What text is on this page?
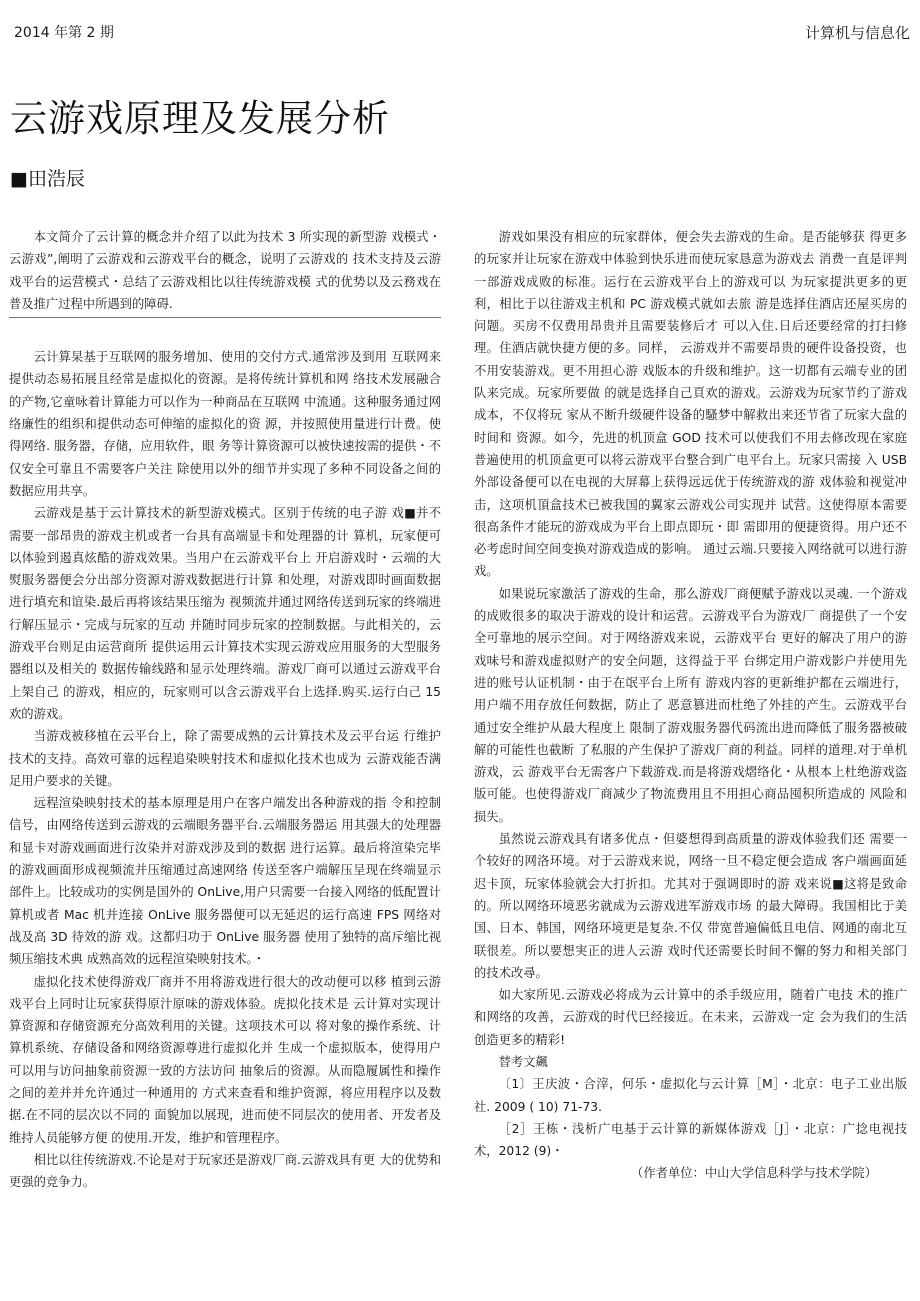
2014 年第 2 期	计算机与信息化
云游戏原理及发展分析
■田浩辰

本文简介了云计算的概念并介绍了以此为技术 3 所实现的新型游 戏模式・云游戏”,阐明了云游戏和云游戏平台的概念，说明了云游戏的 技术支持及云游戏平台的运营模式・总结了云游戏相比以往传统游戏模 式的优势以及云務戏在普及推广过程中所遇到的障碍.

云计算杲基于互联网的服务增加、使用的交付方式.通常涉及到用 互联网来提供动态易拓展且经常是虚拟化的资源。是将传统计算机和网 络技术发展融合的产物,它童咏着计算能力可以作为一种商品在互联网 中流通。这种服务通过网络廉性的组织和提供动态可伸缩的虚拟化的资 源，并按照使用量进行计费。使得网络. 服务器，存储，应用软件，眼 务等计算资源可以被快速按需的提供・不仅安全可靠且不需要客户关注 除使用以外的细节并实现了多种不同设备之间的数据应用共享。

云游戏是基于云计算技术的新型游戏模式。区别于传统的电子游 戏■并不需要一部昂贵的游戏主机或者一台具有高端显卡和处理器的计 算机，玩家便可以体验到遏真炫酷的游戏效果。当用户在云游戏平台上 开启游戏时・云端的大熨服务器便会分出部分资源对游戏数据进行计算 和处理，对游戏即时画面数据进行填充和谊染.最后再将该结果压缩为 视频流并通过网络传送到玩家的终端进行解压显示・完成与玩家的互动 并随时同步玩家的控制数据。与此相关的，云游戏平台则足由运营商所 提供运用云计算技术实现云游戏应用服务的大型服务器组以及相关的 数据传输线路和显示处理终端。游戏厂商可以通过云游戏平台上架自己 的游戏，相应的，玩家则可以含云游戏平台上选择.购买.运行白己 15 欢的游戏。

当游戏被移植在云平台上，除了需要成熟的云计算技术及云平台运 行维护技术的支持。高效可靠的远程追染映射技术和虚拟化技术也成为 云游戏能否满足用户要求的关键。

远程渲染映射技术的基本原理是用户在客户端发出各种游戏的指 令和控制信号，由网络传送到云游戏的云端眼务器平台.云端服务器运 用其强大的处理器和显卡对游戏画面进行汝染并对游戏涉及到的数据 进行运算。最后将渲染完毕的游戏画面形成视频流并压缩通过高速网络 传送至客户端解压呈现在终端显示部件上。比较成功的实例是国外的 OnLive,用户只需要一台接入网络的低配置计算机或者 Mac 机并连接 OnLive 服务器便可以无延迟的运行高速 FPS 网络对战及高 3D 待效的游 戏。这都归功于 OnLive 服务器 使用了独特的高斥缩比视频压缩技术典 成熟高效的远程渲染映射技术。・

虚拟化技术使得游戏厂商并不用将游戏进行很大的改动便可以移 植到云游戏平台上同时让玩家获得原汁原味的游戏体验。虎拟化技术是 云计算对实现计算资源和存储资源充分高效利用的关键。这项技术可以 将对象的操作系统、计算机系统、存储设备和网络资源尊进行虚拟化并 生成一个虚拟版本，使得用户可以用与访问抽象前资源一致的方法访问 抽象后的资源。从而隐履属性和操作之间的差并并允许通过一种通用的 方式来查看和维护资源，将应用程序以及数据.在不同的层次以不同的 面貌加以展现，进而使不同层次的使用者、开发者及维持人员能够方便 的使用.开发，维护和管理程序。

相比以往传统游戏.不论是对于玩家还是游戏厂商.云游戏具有更 大的优势和更强的竞争力。

游戏如果没有相应的玩家群体，便会失去游戏的生命。是否能够获 得更多的玩家并让玩家在游戏中体验到快乐进而使玩家恳意为游戏去 消费一直是评判一部游戏成败的标准。运行在云游戏平台上的游戏可以 为玩家提洪更多的更利，相比于以往游戏主机和 PC 游戏模式就如去旅 游是选择住酒店还屋买房的问题。买房不仅费用昂贵并且需要装修后才 可以入住.日后还要经常的打扫修理。住酒店就快捷方便的多。同样， 云游戏并不需要昂贵的硬件设备投资，也不用安装游戏。更不用担心游 戏版本的升级和维护。这一切都有云端专业的团队来完成。玩家所要做 的就是选择自己頁欢的游戏。云游戏为玩家节约了游戏成本，不仅将玩 家从不断升级硬件设备的騷梦中解救出来还节省了玩家大盘的时间和 资源。如今，先进的机顶盒 GOD 技术可以使我们不用去修改现在家庭 普遍使用的机顶盒更可以将云游戏平台整合到广电平台上。玩家只需接 入 USB 外部设备便可以在电视的大屏幕上获得远远优于传统游戏的游 戏体验和视觉冲击，这项机頂盒技术已被我国的翼家云游戏公司实现并 试营。这使得原本需要很高条件才能玩的游戏成为平台上即点即玩・即 需即用的便捷资得。用户还不必考虑时间空间变换对游戏造成的影响。 通过云端.只要接入网络就可以进行游戏。

如果说玩家激活了游戏的生命，那么游戏厂商便赋予游戏以灵魂. 一个游戏的成败很多的取决于游戏的设计和运营。云游戏平台为游戏厂 商提供了一个安全可靠地的展示空间。对于网络游戏来说，云游戏平台 更好的解决了用户的游戏味号和游戏虚拟财产的安全问题，这得益于平 台绑定用户游戏影户并使用先进的账号认证机制・由于在氓平台上所有 游戏内容的更新维护都在云端进行，用户端不用存放任何数据，防止了 恶意篡进而杜绝了外挂的产生。云游戏平台通过安全维护从最大程度上 限制了游戏服务器代码流出进而降低了服务器被破解的可能性也截断 了私服的产生保护了游戏厂商的利益。同样的道理.对于单机游戏，云 游戏平台无需客户下载游戏.而是将游戏熠络化・从根本上杜绝游戏盗 版可能。也使得游戏厂商减少了物流费用且不用担心商品囤积所造成的 风险和损失。

虽然说云游戏具有诸多优点・但婆想得到高质量的游戏体验我们还 需要一个较好的网洛环境。对于云游戏来说，网络一旦不稳定便会造成 客户端画面延迟卡顶，玩家体验就会大打折扣。尤其对于强调即时的游 戏来说■这将是致命的。所以网络环境恶劣就成为云游戏进军游戏市场 的最大障碍。我国相比于美国、日本、韩国，网络环境更是复杂.不仅 带宽普遍偏低且电信、网通的南北互联很差。所以要想実正的进人云游 戏时代还需要长时间不懈的努力和相关部门的技术改尋。

如大家所见.云游戏必将成为云计算中的杀手级应用，随着广电技 术的推广和网络的攻善，云游戏的时代巳经接近。在未来，云游戏一定 会为我们的生活创造更多的精彩!

替考文飆

〔1〕王庆波・合滓，何乐・虚拟化与云计算［M］・北京：电子工业出版 社. 2009 ( 10) 71-73.

［2］王栋・浅析广电基于云计算的新媒体游戏［J］・北京：广捻电视技 术，2012 (9)・

（作者单位：中山大学信息科学与技术学院）
